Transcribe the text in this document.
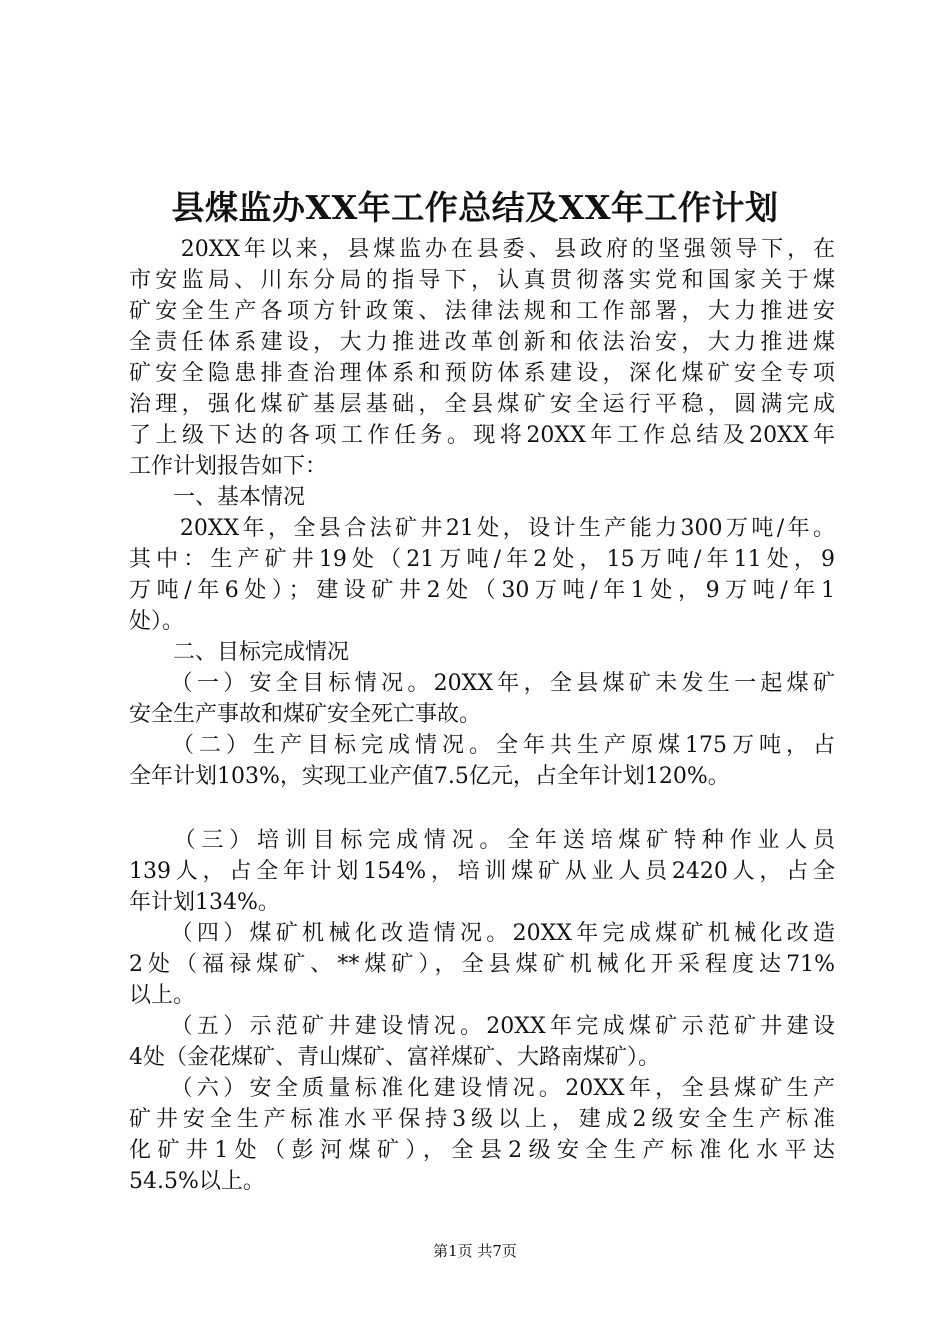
县煤监办XX年工作总结及XX年工作计划
　　20XX年以来，县煤监办在县委、县政府的坚强领导下，在
市安监局、川东分局的指导下，认真贯彻落实党和国家关于煤
矿安全生产各项方针政策、法律法规和工作部署，大力推进安
全责任体系建设，大力推进改革创新和依法治安，大力推进煤
矿安全隐患排查治理体系和预防体系建设，深化煤矿安全专项
治理，强化煤矿基层基础，全县煤矿安全运行平稳，圆满完成
了上级下达的各项工作任务。现将20XX年工作总结及20XX年
工作计划报告如下：
　　一、基本情况
　　20XX年，全县合法矿井21处，设计生产能力300万吨/年。
其中：生产矿井19处（21万吨/年2处，15万吨/年11处，9
万吨/年6处）；建设矿井2处（30万吨/年1处，9万吨/年1
处）。
　　二、目标完成情况
　　（一）安全目标情况。20XX年，全县煤矿未发生一起煤矿
安全生产事故和煤矿安全死亡事故。
　　（二）生产目标完成情况。全年共生产原煤175万吨，占
全年计划103%，实现工业产值7.5亿元，占全年计划120%。
　　（三）培训目标完成情况。全年送培煤矿特种作业人员
139人，占全年计划154%，培训煤矿从业人员2420人，占全
年计划134%。
　　（四）煤矿机械化改造情况。20XX年完成煤矿机械化改造
2处（福禄煤矿、**煤矿），全县煤矿机械化开采程度达71%
以上。
　　（五）示范矿井建设情况。20XX年完成煤矿示范矿井建设
4处（金花煤矿、青山煤矿、富祥煤矿、大路南煤矿）。
　　（六）安全质量标准化建设情况。20XX年，全县煤矿生产
矿井安全生产标准水平保持3级以上，建成2级安全生产标准
化矿井1处（彭河煤矿），全县2级安全生产标准化水平达
54.5%以上。
第1页 共7页
